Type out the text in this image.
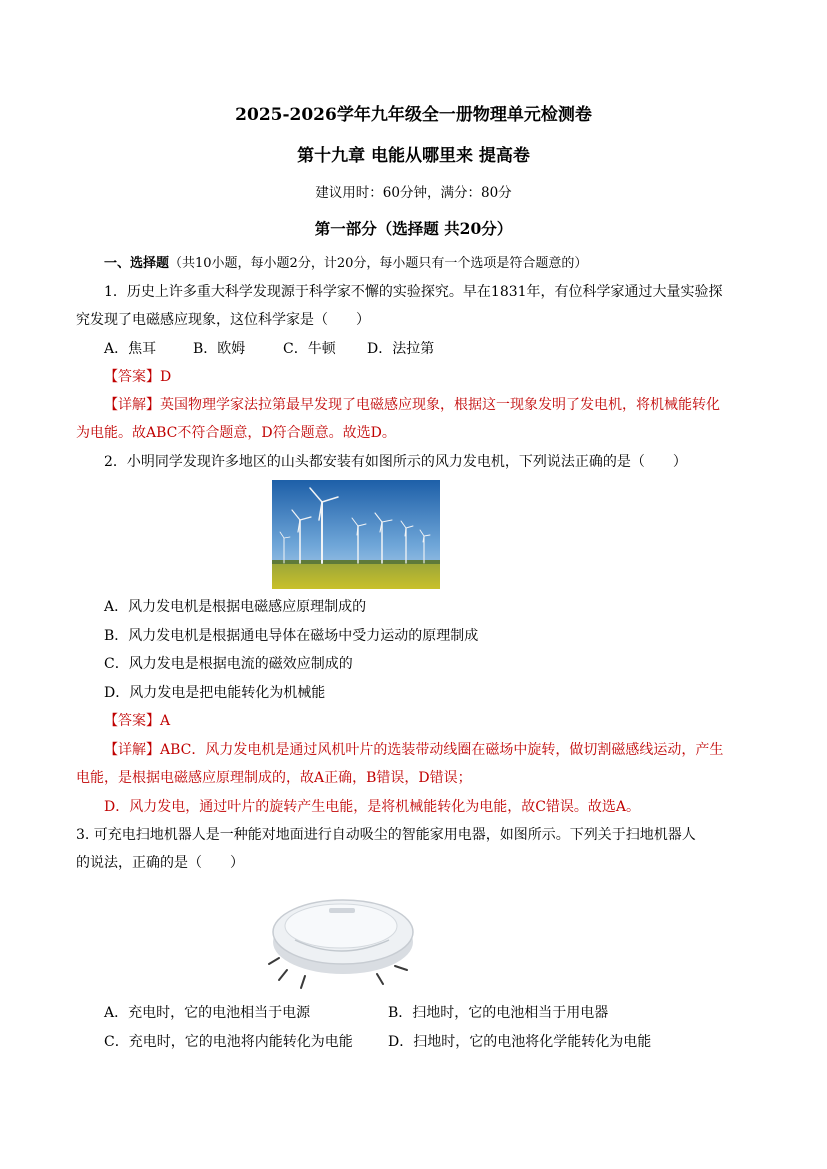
2025-2026学年九年级全一册物理单元检测卷
第十九章 电能从哪里来 提高卷
建议用时：60分钟，满分：80分
第一部分（选择题 共20分）
一、选择题（共10小题，每小题2分，计20分，每小题只有一个选项是符合题意的）
1．历史上许多重大科学发现源于科学家不懈的实验探究。早在1831年，有位科学家通过大量实验探
究发现了电磁感应现象，这位科学家是（　　）
A．焦耳	B．欧姆	C．牛顿 D．法拉第
【答案】D
【详解】英国物理学家法拉第最早发现了电磁感应现象，根据这一现象发明了发电机，将机械能转化
为电能。故ABC不符合题意，D符合题意。故选D。
2．小明同学发现许多地区的山头都安装有如图所示的风力发电机，下列说法正确的是（　　）
A．风力发电机是根据电磁感应原理制成的
B．风力发电机是根据通电导体在磁场中受力运动的原理制成
C．风力发电是根据电流的磁效应制成的
D．风力发电是把电能转化为机械能
【答案】A
【详解】ABC．风力发电机是通过风机叶片的选装带动线圈在磁场中旋转，做切割磁感线运动，产生
电能，是根据电磁感应原理制成的，故A正确，B错误，D错误；
D．风力发电，通过叶片的旋转产生电能，是将机械能转化为电能，故C错误。故选A。
3. 可充电扫地机器人是一种能对地面进行自动吸尘的智能家用电器，如图所示。下列关于扫地机器人
的说法，正确的是（　　）
A．充电时，它的电池相当于电源	B．扫地时，它的电池相当于用电器
C．充电时，它的电池将内能转化为电能	D．扫地时，它的电池将化学能转化为电能
